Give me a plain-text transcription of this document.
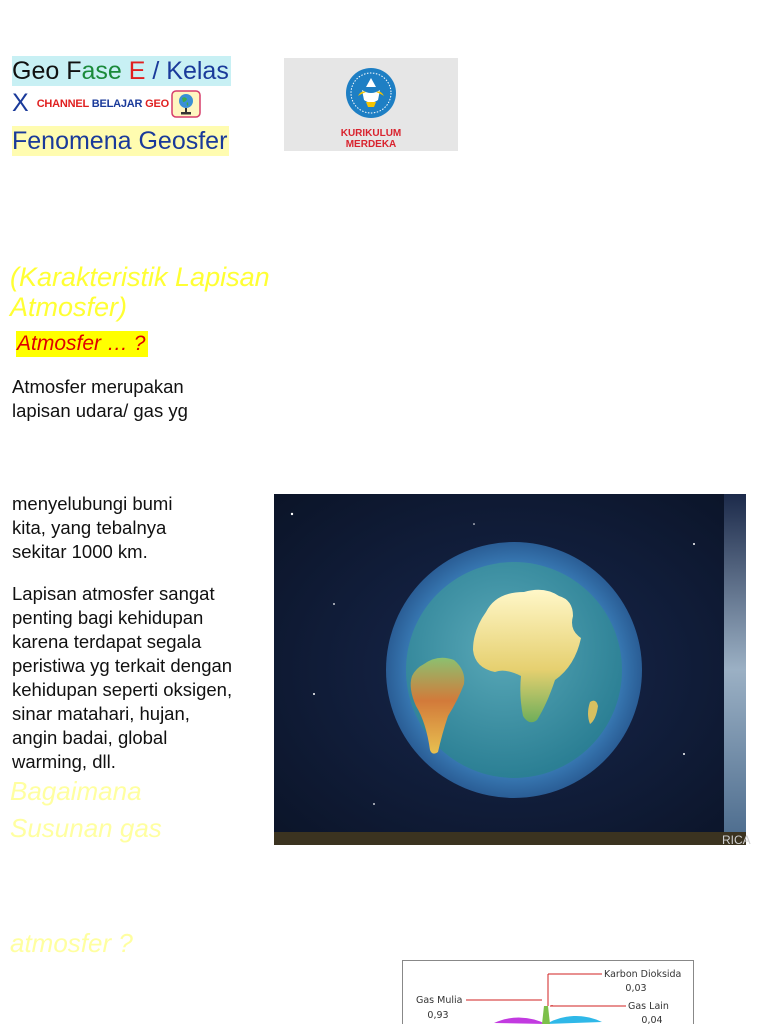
Geo Fase E / Kelas
XCHANNEL BELAJAR GEO
Fenomena Geosfer	KURIKULUM
MERDEKA
(Karakteristik Lapisan Atmosfer)
Atmosfer … ?
Atmosfer merupakan
lapisan udara/ gas yg
menyelubungi bumi
kita, yang tebalnya
sekitar 1000 km.
Lapisan atmosfer sangat
penting bagi kehidupan
karena terdapat segala
peristiwa yg terkait dengan
kehidupan seperti oksigen,
sinar matahari, hujan,
angin badai, global
warming, dll.
Bagaimana
Susunan gas
atmosfer ?
RICA
Karbon Dioksida
0,03
Gas Lain
0,04
Gas Mulia
0,93
